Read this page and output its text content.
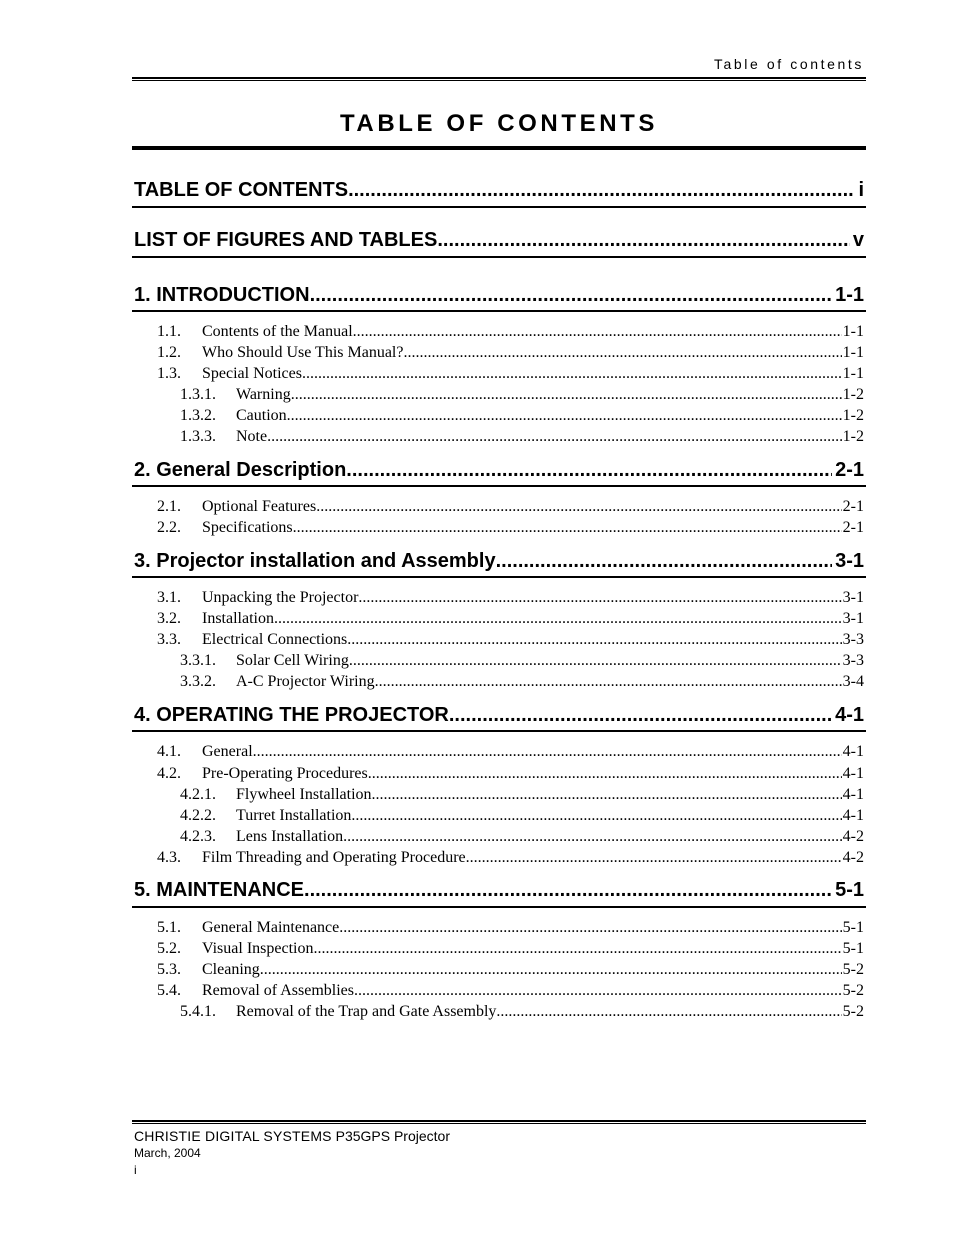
Table of contents
TABLE OF CONTENTS
TABLE OF CONTENTS .....	i
LIST OF FIGURES AND TABLES .....	v
1. INTRODUCTION .....	1-1
1.1.	Contents of the Manual .....	1-1
1.2.	Who Should Use This Manual? .....	1-1
1.3.	Special Notices .....	1-1
1.3.1.	Warning .....	1-2
1.3.2.	Caution .....	1-2
1.3.3.	Note .....	1-2
2. General Description .....	2-1
2.1.	Optional Features .....	2-1
2.2.	Specifications .....	2-1
3. Projector installation and Assembly .....	3-1
3.1.	Unpacking the Projector .....	3-1
3.2.	Installation .....	3-1
3.3.	Electrical Connections .....	3-3
3.3.1.	Solar Cell Wiring .....	3-3
3.3.2.	A-C Projector Wiring .....	3-4
4. OPERATING THE PROJECTOR .....	4-1
4.1.	General .....	4-1
4.2.	Pre-Operating Procedures .....	4-1
4.2.1.	Flywheel Installation .....	4-1
4.2.2.	Turret Installation .....	4-1
4.2.3.	Lens Installation .....	4-2
4.3.	Film Threading and Operating Procedure .....	4-2
5. MAINTENANCE .....	5-1
5.1.	General Maintenance .....	5-1
5.2.	Visual Inspection .....	5-1
5.3.	Cleaning .....	5-2
5.4.	Removal of Assemblies .....	5-2
5.4.1.	Removal of the Trap and Gate Assembly .....	5-2
CHRISTIE DIGITAL SYSTEMS P35GPS Projector
March, 2004
i
